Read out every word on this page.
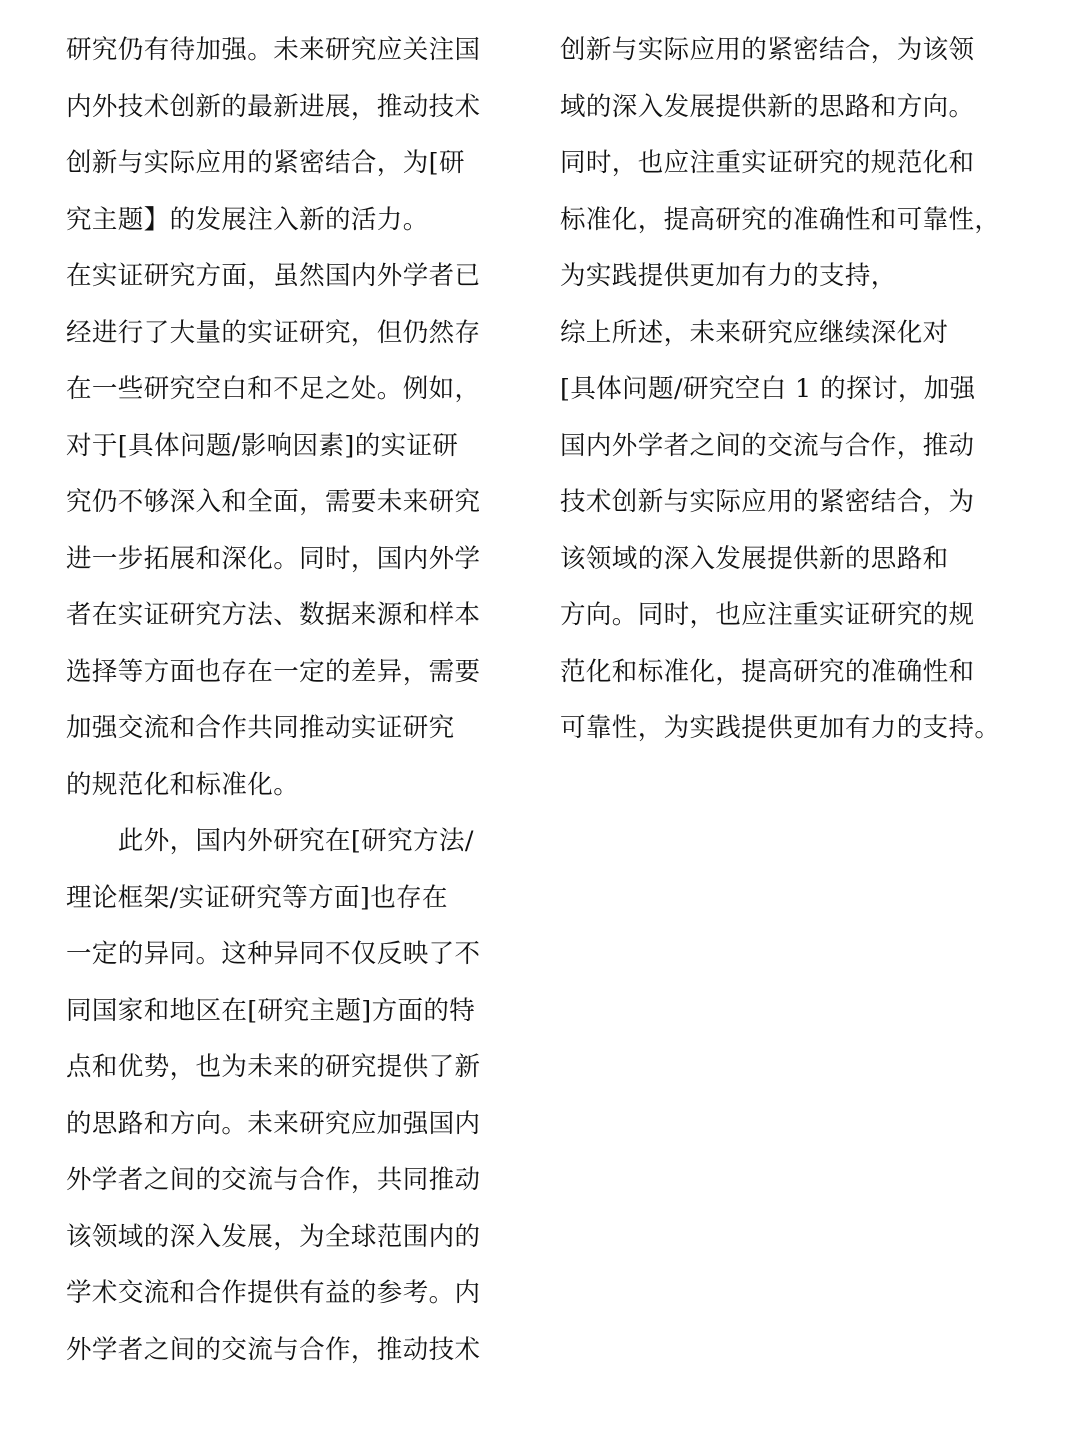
研究仍有待加强。未来研究应关注国
内外技术创新的最新进展，推动技术
创新与实际应用的紧密结合，为[研
究主题】的发展注入新的活力。
在实证研究方面，虽然国内外学者已
经进行了大量的实证研究，但仍然存
在一些研究空白和不足之处。例如，
对于[具体问题/影响因素]的实证研
究仍不够深入和全面，需要未来研究
进一步拓展和深化。同时，国内外学
者在实证研究方法、数据来源和样本
选择等方面也存在一定的差异，需要
加强交流和合作共同推动实证研究
的规范化和标准化。
　　此外，国内外研究在[研究方法/
理论框架/实证研究等方面]也存在
一定的异同。这种异同不仅反映了不
同国家和地区在[研究主题]方面的特
点和优势，也为未来的研究提供了新
的思路和方向。未来研究应加强国内
外学者之间的交流与合作，共同推动
该领域的深入发展，为全球范围内的
学术交流和合作提供有益的参考。内
外学者之间的交流与合作，推动技术
创新与实际应用的紧密结合，为该领
域的深入发展提供新的思路和方向。
同时，也应注重实证研究的规范化和
标准化，提高研究的准确性和可靠性，
为实践提供更加有力的支持，
综上所述，未来研究应继续深化对
[具体问题/研究空白 1 的探讨，加强
国内外学者之间的交流与合作，推动
技术创新与实际应用的紧密结合，为
该领域的深入发展提供新的思路和
方向。同时，也应注重实证研究的规
范化和标准化，提高研究的准确性和
可靠性，为实践提供更加有力的支持。
